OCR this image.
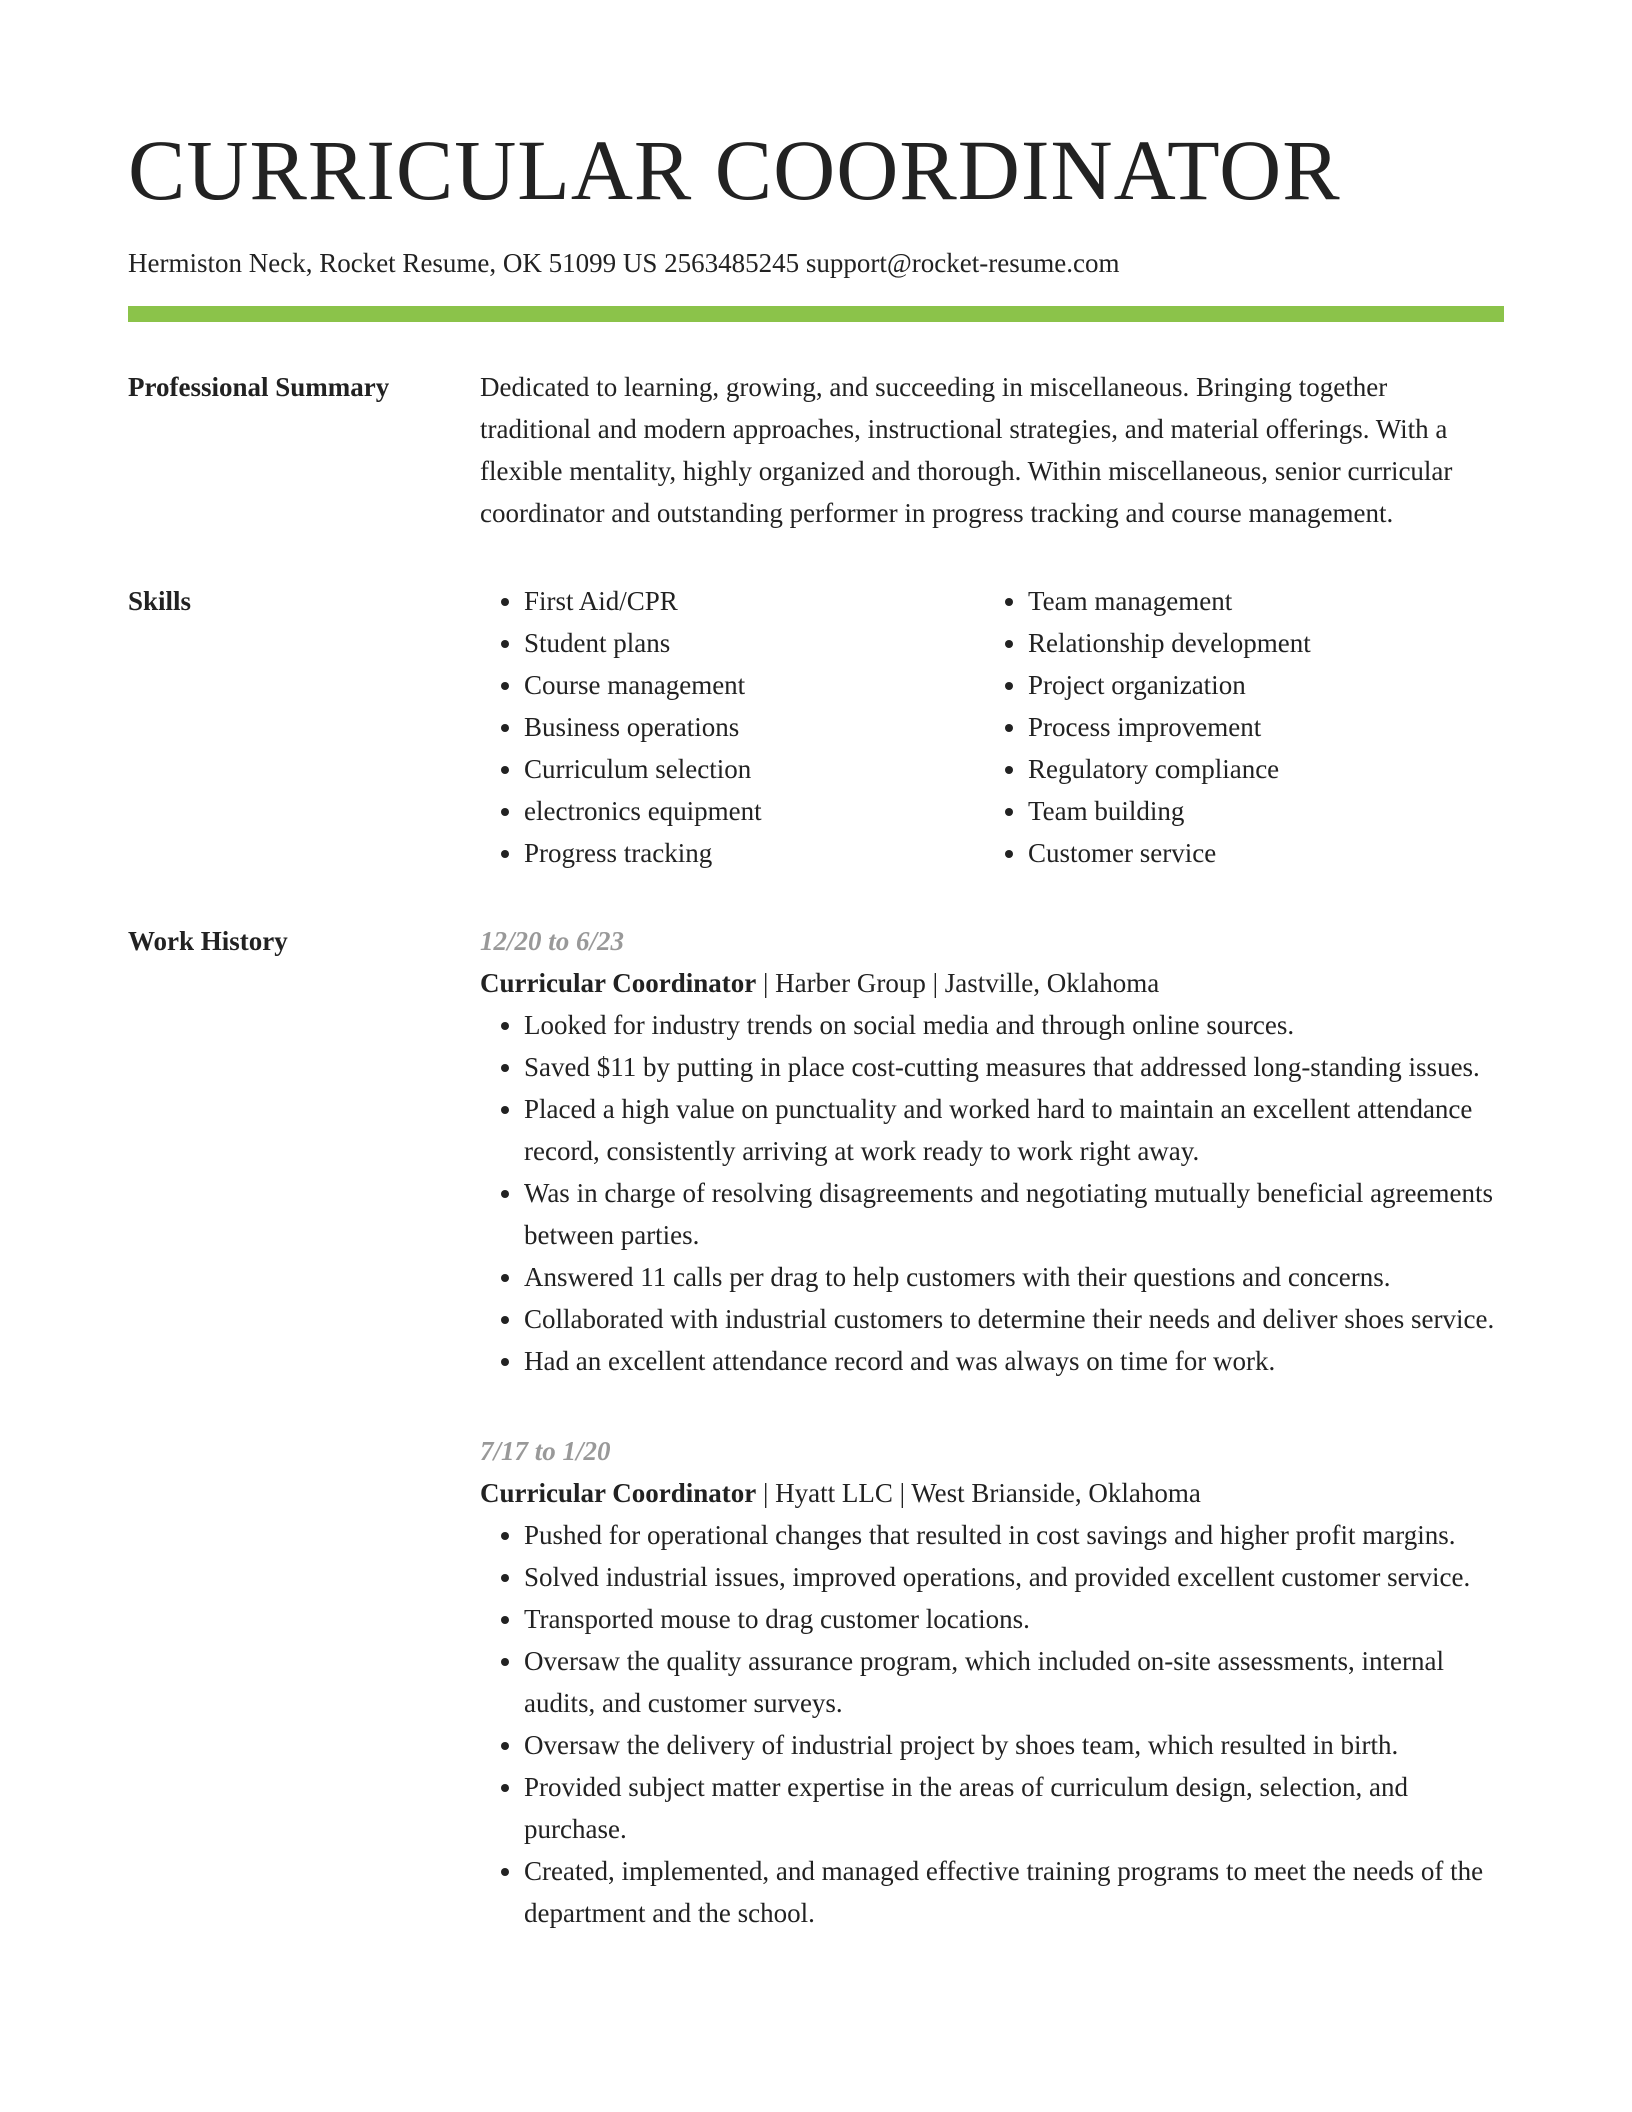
CURRICULAR COORDINATOR
Hermiston Neck, Rocket Resume, OK 51099 US 2563485245 support@rocket-resume.com
Professional Summary	Dedicated to learning, growing, and succeeding in miscellaneous. Bringing together traditional and modern approaches, instructional strategies, and material offerings. With a flexible mentality, highly organized and thorough. Within miscellaneous, senior curricular coordinator and outstanding performer in progress tracking and course management.

Skills
•	First Aid/CPR
• Student plans
• Course management
• Business operations
• Curriculum selection
• electronics equipment
• Progress tracking
• Team management
• Relationship development
• Project organization
• Process improvement
• Regulatory compliance
• Team building
• Customer service
Work History	12/20 to 6/23
Curricular Coordinator | Harber Group | Jastville, Oklahoma
• Looked for industry trends on social media and through online sources.
• Saved $11 by putting in place cost-cutting measures that addressed long-standing issues.
• Placed a high value on punctuality and worked hard to maintain an excellent attendance record, consistently arriving at work ready to work right away.
• Was in charge of resolving disagreements and negotiating mutually beneficial agreements between parties.
• Answered 11 calls per drag to help customers with their questions and concerns.
• Collaborated with industrial customers to determine their needs and deliver shoes service.
• Had an excellent attendance record and was always on time for work.
7/17 to 1/20
Curricular Coordinator | Hyatt LLC | West Brianside, Oklahoma
• Pushed for operational changes that resulted in cost savings and higher profit margins.
• Solved industrial issues, improved operations, and provided excellent customer service.
• Transported mouse to drag customer locations.
• Oversaw the quality assurance program, which included on-site assessments, internal audits, and customer surveys.
• Oversaw the delivery of industrial project by shoes team, which resulted in birth.
• Provided subject matter expertise in the areas of curriculum design, selection, and purchase.
• Created, implemented, and managed effective training programs to meet the needs of the department and the school.
